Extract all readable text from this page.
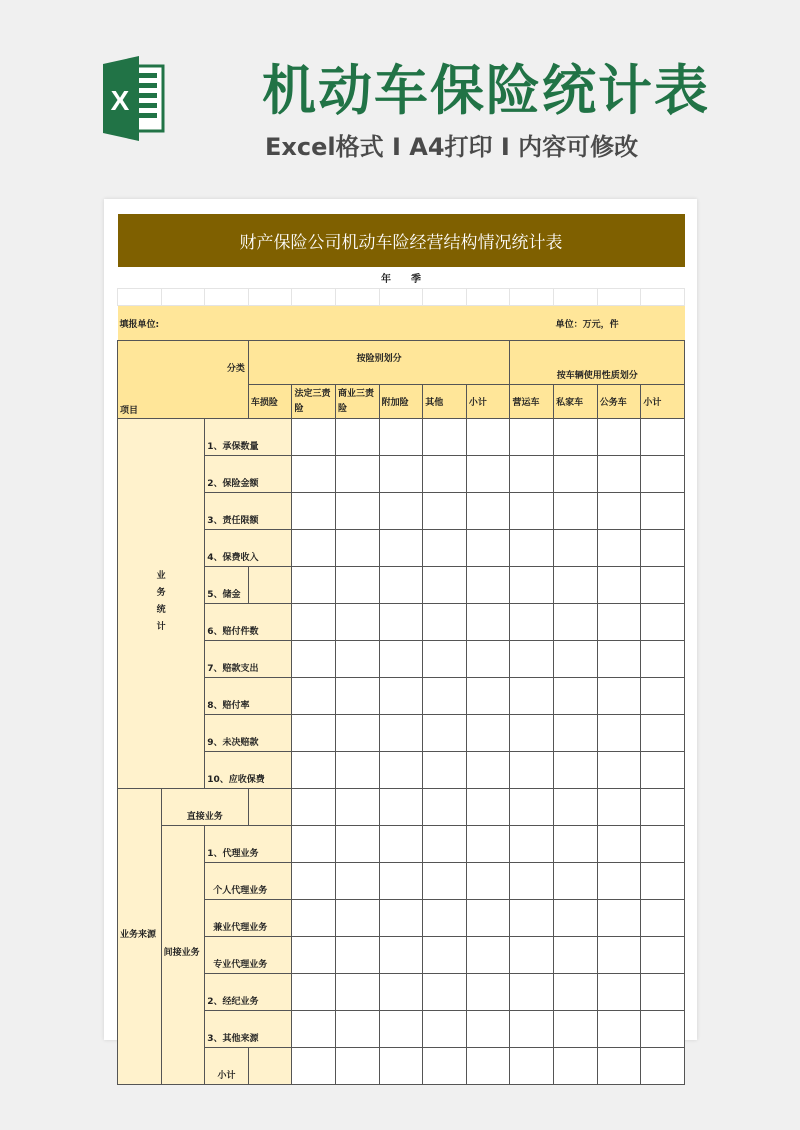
X 机动车保险统计表
Excel格式 I A4打印 I 内容可修改
财产保险公司机动车险经营结构情况统计表												
年　　季												

填报单位:										单位：万元，件		

分类
项目			按险别划分						按车辆使用性质划分			
			车损险	法定三责险	商业三责险	附加险	其他	小计	营运车	私家车	公务车	小计
业务统计		1、承保数量										
		2、保险金额										
		3、责任限额										
		4、保费收入										
		5、储金										
		6、赔付件数										
		7、赔款支出										
		8、赔付率										
		9、未决赔款										
		10、应收保费										
业务来源	直接业务											
	间接业务	1、代理业务										
		个人代理业务										
		兼业代理业务										
		专业代理业务										
		2、经纪业务										
		3、其他来源										
		小计										
